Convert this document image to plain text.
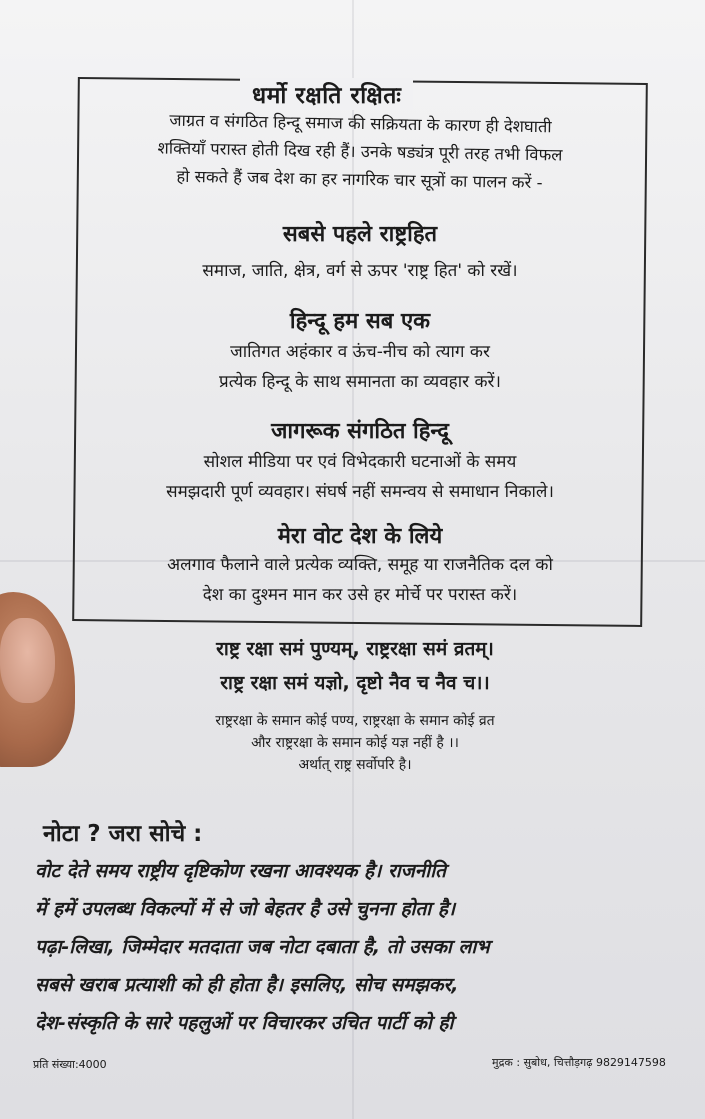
धर्मो रक्षति रक्षितः
जाग्रत व संगठित हिन्दू समाज की सक्रियता के कारण ही देशघाती
शक्तियाँ परास्त होती दिख रही हैं। उनके षड्यंत्र पूरी तरह तभी विफल
हो सकते हैं जब देश का हर नागरिक चार सूत्रों का पालन करें -
सबसे पहले राष्ट्रहित
समाज, जाति, क्षेत्र, वर्ग से ऊपर 'राष्ट्र हित' को रखें।
हिन्दू हम सब एक
जातिगत अहंकार व ऊंच-नीच को त्याग कर
प्रत्येक हिन्दू के साथ समानता का व्यवहार करें।
जागरूक संगठित हिन्दू
सोशल मीडिया पर एवं विभेदकारी घटनाओं के समय
समझदारी पूर्ण व्यवहार। संघर्ष नहीं समन्वय से समाधान निकाले।
मेरा वोट देश के लिये
अलगाव फैलाने वाले प्रत्येक व्यक्ति, समूह या राजनैतिक दल को
देश का दुश्मन मान कर उसे हर मोर्चे पर परास्त करें।
राष्ट्र रक्षा समं पुण्यम्, राष्ट्ररक्षा समं व्रतम्।
राष्ट्र रक्षा समं यज्ञो, दृष्टो नैव च नैव च।।
राष्ट्ररक्षा के समान कोई पण्य, राष्ट्ररक्षा के समान कोई व्रत
और राष्ट्ररक्षा के समान कोई यज्ञ नहीं है ।।
अर्थात् राष्ट्र सर्वोपरि है।
नोटा ? जरा सोचे :
वोट देते समय राष्ट्रीय दृष्टिकोण रखना आवश्यक है। राजनीति
में हमें उपलब्ध विकल्पों में से जो बेहतर है उसे चुनना होता है।
पढ़ा-लिखा, जिम्मेदार मतदाता जब नोटा दबाता है, तो उसका लाभ
सबसे खराब प्रत्याशी को ही होता है। इसलिए, सोच समझकर,
देश-संस्कृति के सारे पहलुओं पर विचारकर उचित पार्टी को ही
प्रति संख्या:4000	मुद्रक : सुबोध, चित्तौड़गढ़ 9829147598
